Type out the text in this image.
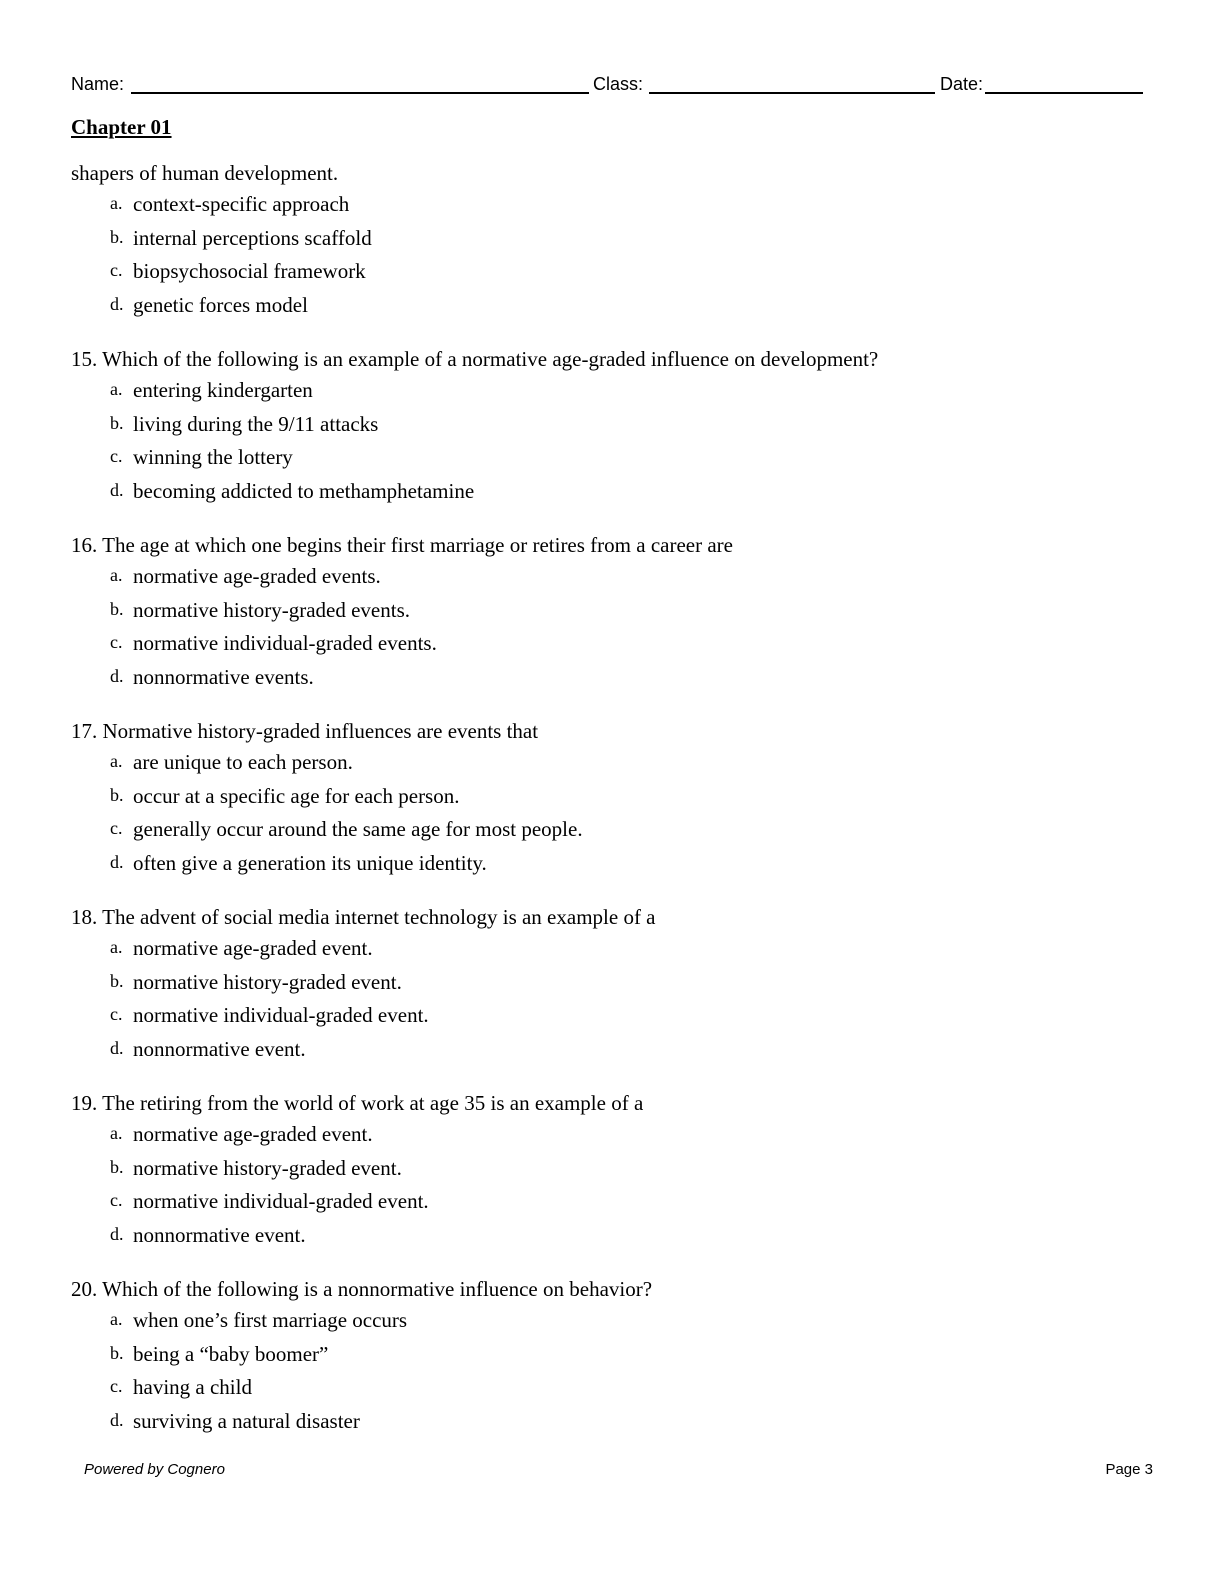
Name:	Class:	Date:
Chapter 01
shapers of human development.
a. context-specific approach
b. internal perceptions scaffold
c. biopsychosocial framework
d. genetic forces model
15. Which of the following is an example of a normative age-graded influence on development?
a. entering kindergarten
b. living during the 9/11 attacks
c. winning the lottery
d. becoming addicted to methamphetamine
16. The age at which one begins their first marriage or retires from a career are
a. normative age-graded events.
b. normative history-graded events.
c. normative individual-graded events.
d. nonnormative events.
17. Normative history-graded influences are events that
a. are unique to each person.
b. occur at a specific age for each person.
c. generally occur around the same age for most people.
d. often give a generation its unique identity.
18. The advent of social media internet technology is an example of a
a. normative age-graded event.
b. normative history-graded event.
c. normative individual-graded event.
d. nonnormative event.
19. The retiring from the world of work at age 35 is an example of a
a. normative age-graded event.
b. normative history-graded event.
c. normative individual-graded event.
d. nonnormative event.
20. Which of the following is a nonnormative influence on behavior?
a. when one’s first marriage occurs
b. being a “baby boomer”
c. having a child
d. surviving a natural disaster
Powered by Cognero	Page 3
